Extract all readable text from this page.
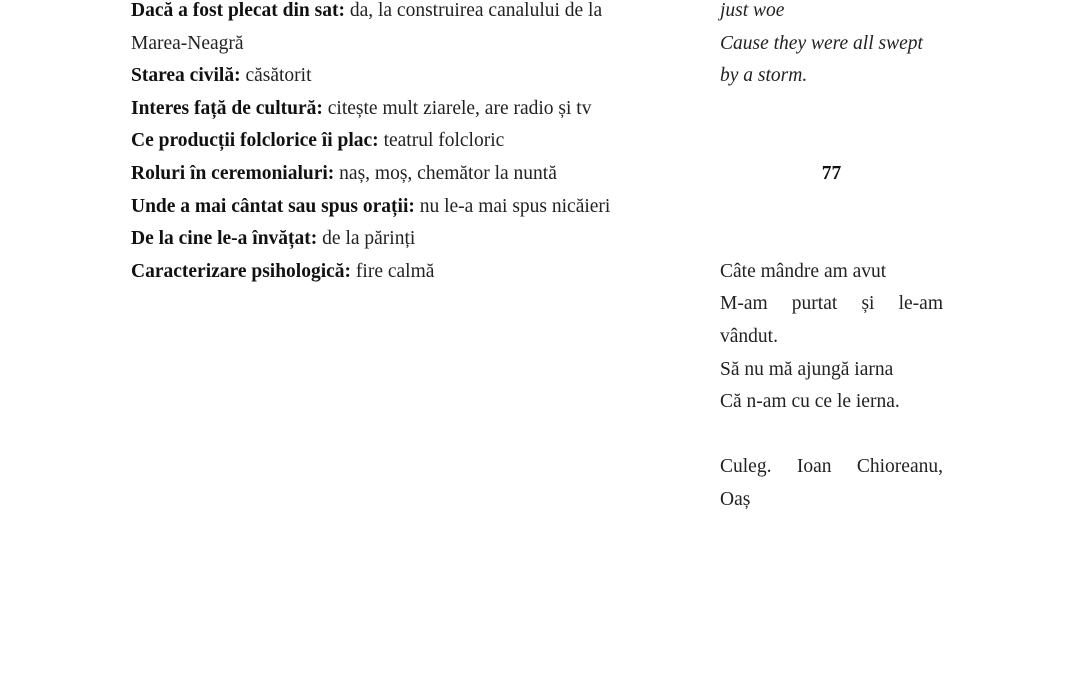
Dacă a fost plecat din sat: da, la construirea canalului de la
Marea-Neagră
Starea civilă: căsătorit
Interes față de cultură: citește mult ziarele, are radio și tv
Ce producții folclorice îi plac: teatrul folcloric
Roluri în ceremonialuri: naș, moș, chemător la nuntă
Unde a mai cântat sau spus orații: nu le-a mai spus nicăieri
De la cine le-a învățat: de la părinți
Caracterizare psihologică: fire calmă
just woe
Cause they were all swept
by a storm.
77
Câte mândre am avut
M-am purtat și le-am
vândut.
Să nu mă ajungă iarna
Că n-am cu ce le ierna.
Culeg. Ioan Chioreanu,
Oaș
